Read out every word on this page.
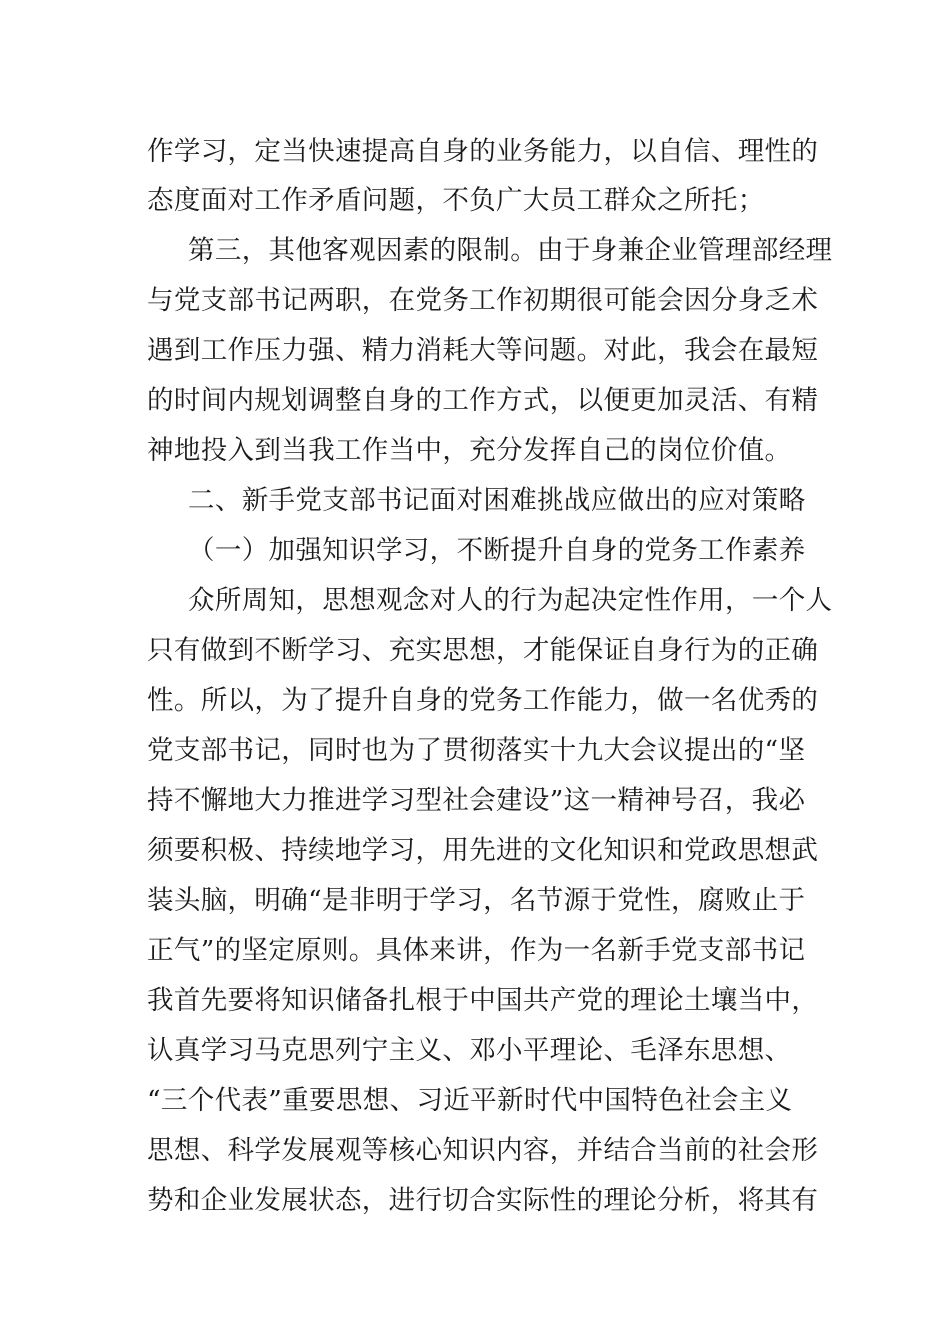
作学习，定当快速提高自身的业务能力，以自信、理性的
态度面对工作矛盾问题，不负广大员工群众之所托；
第三，其他客观因素的限制。由于身兼企业管理部经理
与党支部书记两职，在党务工作初期很可能会因分身乏术
遇到工作压力强、精力消耗大等问题。对此，我会在最短
的时间内规划调整自身的工作方式，以便更加灵活、有精
神地投入到当我工作当中，充分发挥自己的岗位价值。
二、新手党支部书记面对困难挑战应做出的应对策略
（一）加强知识学习，不断提升自身的党务工作素养
众所周知，思想观念对人的行为起决定性作用，一个人
只有做到不断学习、充实思想，才能保证自身行为的正确
性。所以，为了提升自身的党务工作能力，做一名优秀的
党支部书记，同时也为了贯彻落实十九大会议提出的“坚
持不懈地大力推进学习型社会建设”这一精神号召，我必
须要积极、持续地学习，用先进的文化知识和党政思想武
装头脑，明确“是非明于学习，名节源于党性，腐败止于
正气”的坚定原则。具体来讲，作为一名新手党支部书记
我首先要将知识储备扎根于中国共产党的理论土壤当中，
认真学习马克思列宁主义、邓小平理论、毛泽东思想、
“三个代表”重要思想、习近平新时代中国特色社会主义
思想、科学发展观等核心知识内容，并结合当前的社会形
势和企业发展状态，进行切合实际性的理论分析，将其有
